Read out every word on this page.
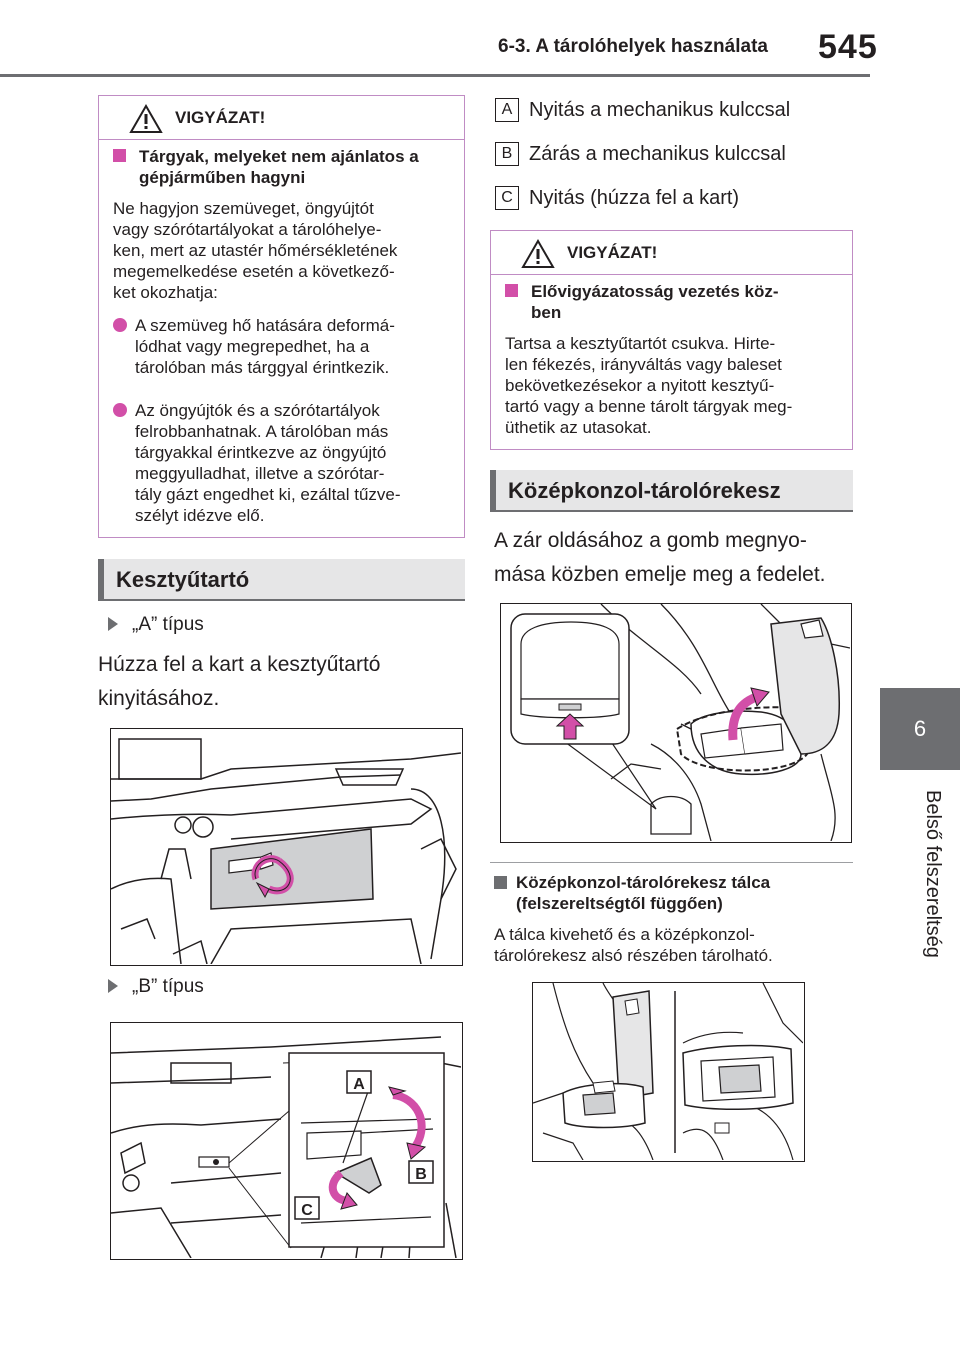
6-3. A tárolóhelyek használata 545
6
Belső felszereltség
VIGYÁZAT!
Tárgyak, melyeket nem ajánlatos a gépjárműben hagyni
Ne hagyjon szemüveget, öngyújtót
vagy szórótartályokat a tárolóhelye-
ken, mert az utastér hőmérsékletének
megemelkedése esetén a következő-
ket okozhatja:
A szemüveg hő hatására deformá-
lódhat vagy megrepedhet, ha a
tárolóban más tárggyal érintkezik.
Az öngyújtók és a szórótartályok
felrobbanhatnak. A tárolóban más
tárgyakkal érintkezve az öngyújtó
meggyulladhat, illetve a szórótar-
tály gázt engedhet ki, ezáltal tűzve-
szélyt idézve elő.
Kesztyűtartó
„A” típus
Húzza fel a kart a kesztyűtartó
kinyitásához.
„B” típus
A
B
C
A Nyitás a mechanikus kulccsal
B Zárás a mechanikus kulccsal
C Nyitás (húzza fel a kart)
VIGYÁZAT!
Elővigyázatosság vezetés köz-
ben
Tartsa a kesztyűtartót csukva. Hirte-
len fékezés, irányváltás vagy baleset
bekövetkezésekor a nyitott kesztyű-
tartó vagy a benne tárolt tárgyak meg-
üthetik az utasokat.
Középkonzol-tárolórekesz
A zár oldásához a gomb megnyo-
mása közben emelje meg a fedelet.
Középkonzol-tárolórekesz tálca
(felszereltségtől függően)
A tálca kivehető és a középkonzol-
tárolórekesz alsó részében tárolható.
